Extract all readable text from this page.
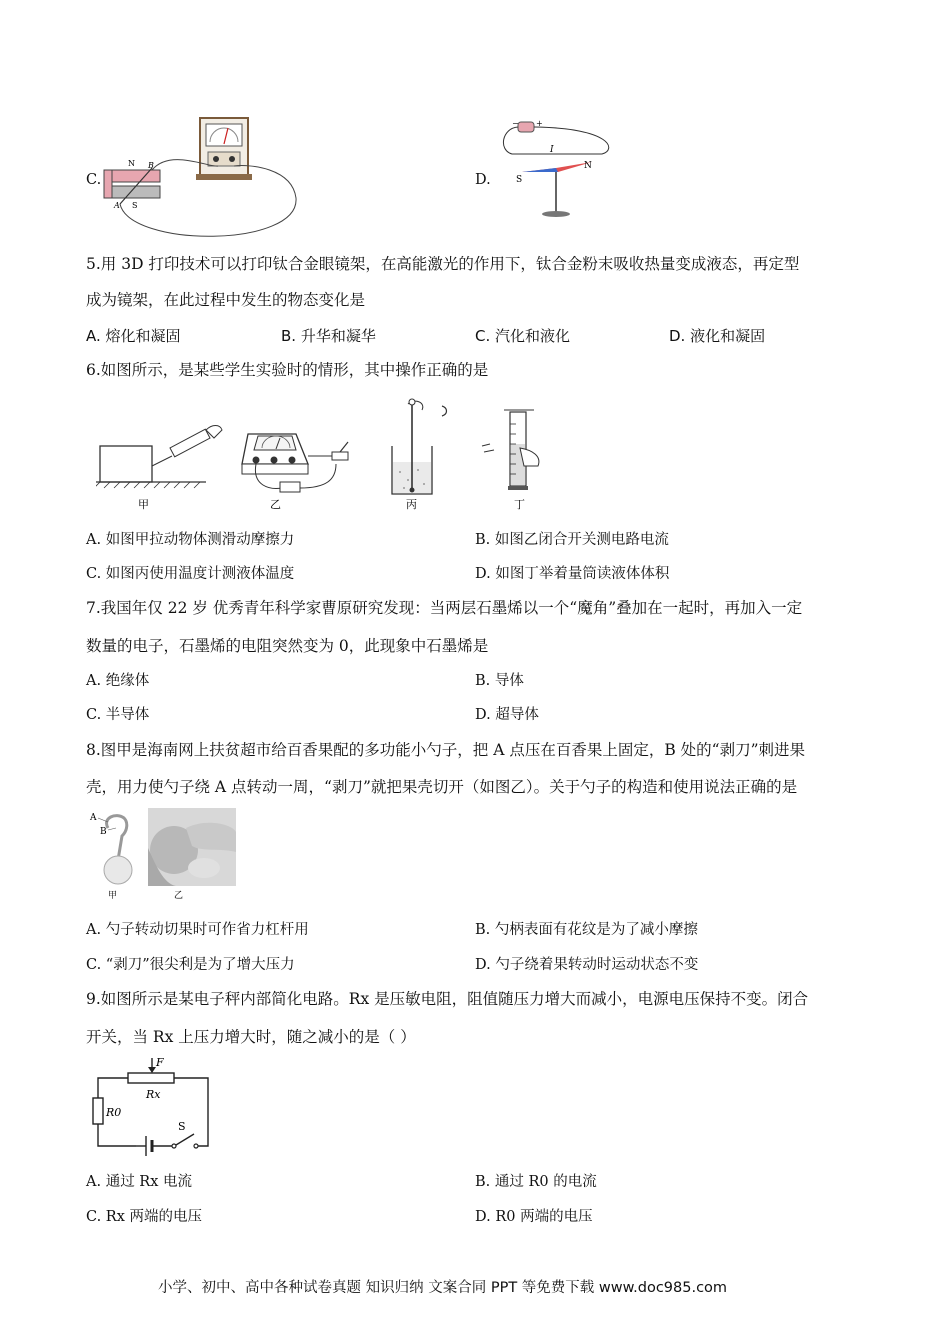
C.
N
S
A
B
D.
− +
I
S
N
5.用 3D 打印技术可以打印钛合金眼镜架，在高能激光的作用下，钛合金粉末吸收热量变成液态，再定型
成为镜架，在此过程中发生的物态变化是
A. 熔化和凝固	B. 升华和凝华	C. 汽化和液化	D. 液化和凝固
6.如图所示，是某些学生实验时的情形，其中操作正确的是
甲	乙	丙	丁
A. 如图甲拉动物体测滑动摩擦力	B. 如图乙闭合开关测电路电流
C. 如图丙使用温度计测液体温度	D. 如图丁举着量筒读液体体积
7.我国年仅 22 岁 优秀青年科学家曹原研究发现：当两层石墨烯以一个“魔角”叠加在一起时，再加入一定
数量的电子，石墨烯的电阻突然变为 0，此现象中石墨烯是
A. 绝缘体	B. 导体
C. 半导体	D. 超导体
8.图甲是海南网上扶贫超市给百香果配的多功能小勺子，把 A 点压在百香果上固定，B 处的“剥刀”刺进果
壳，用力使勺子绕 A 点转动一周，“剥刀”就把果壳切开（如图乙）。关于勺子的构造和使用说法正确的是
A
B
甲	乙
A. 勺子转动切果时可作省力杠杆用	B. 勺柄表面有花纹是为了减小摩擦
C. “剥刀”很尖利是为了增大压力	D. 勺子绕着果转动时运动状态不变
9.如图所示是某电子秤内部简化电路。Rx 是压敏电阻，阻值随压力增大而减小，电源电压保持不变。闭合
开关，当 Rx 上压力增大时，随之减小的是（ ）
F
Rx
R0
S
A. 通过 Rx 电流	B. 通过 R0 的电流
C. Rx 两端的电压	D. R0 两端的电压
小学、初中、高中各种试卷真题 知识归纳 文案合同 PPT 等免费下载 www.doc985.com
